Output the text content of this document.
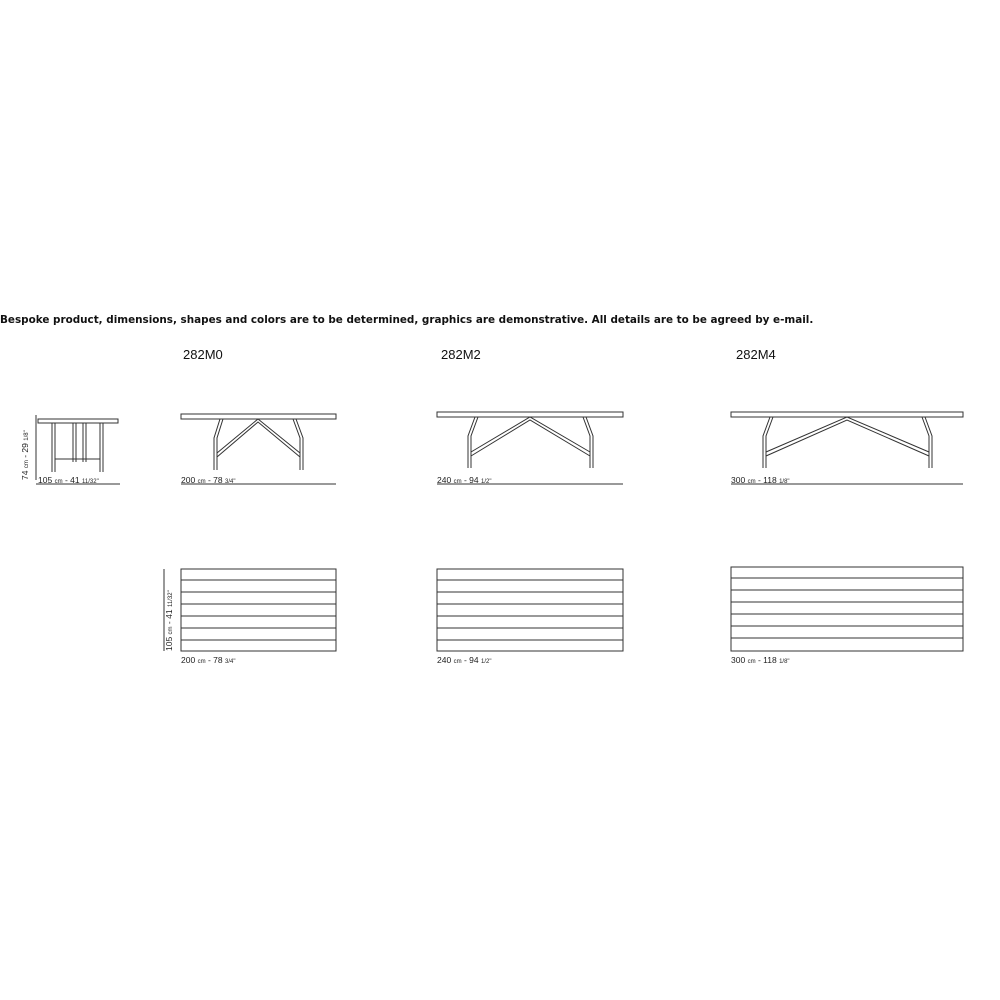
Bespoke product, dimensions, shapes and colors are to be determined, graphics are demonstrative. All details are to be agreed by e-mail.
282M0	282M2	282M4
74 cm - 29 1/8"
105 cm - 41 11/32"	200 cm - 78 3/4"	240 cm - 94 1/2"	300 cm - 118 1/8"
105 cm - 41 11/32"
200 cm - 78 3/4"	240 cm - 94 1/2"	300 cm - 118 1/8"
